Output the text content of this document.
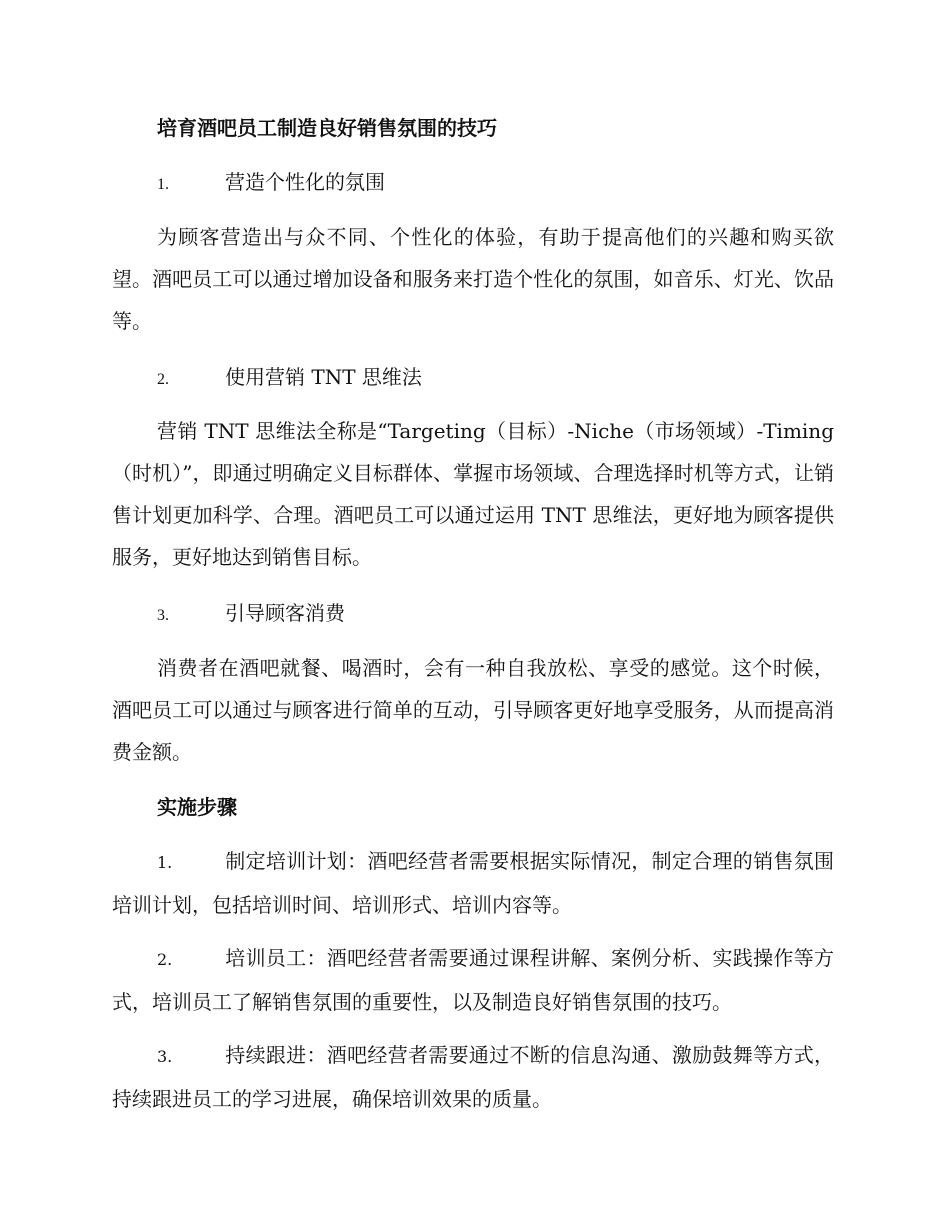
培育酒吧员工制造良好销售氛围的技巧
1.	营造个性化的氛围
为顾客营造出与众不同、个性化的体验，有助于提高他们的兴趣和购买欲望。酒吧员工可以通过增加设备和服务来打造个性化的氛围，如音乐、灯光、饮品等。
2.	使用营销 TNT 思维法
营销 TNT 思维法全称是“Targeting（目标）-Niche（市场领域）-Timing（时机）”，即通过明确定义目标群体、掌握市场领域、合理选择时机等方式，让销售计划更加科学、合理。酒吧员工可以通过运用 TNT 思维法，更好地为顾客提供服务，更好地达到销售目标。
3.	引导顾客消费
消费者在酒吧就餐、喝酒时，会有一种自我放松、享受的感觉。这个时候，酒吧员工可以通过与顾客进行简单的互动，引导顾客更好地享受服务，从而提高消费金额。
实施步骤
1.	制定培训计划：酒吧经营者需要根据实际情况，制定合理的销售氛围培训计划，包括培训时间、培训形式、培训内容等。
2.	培训员工：酒吧经营者需要通过课程讲解、案例分析、实践操作等方式，培训员工了解销售氛围的重要性，以及制造良好销售氛围的技巧。
3.	持续跟进：酒吧经营者需要通过不断的信息沟通、激励鼓舞等方式，持续跟进员工的学习进展，确保培训效果的质量。
